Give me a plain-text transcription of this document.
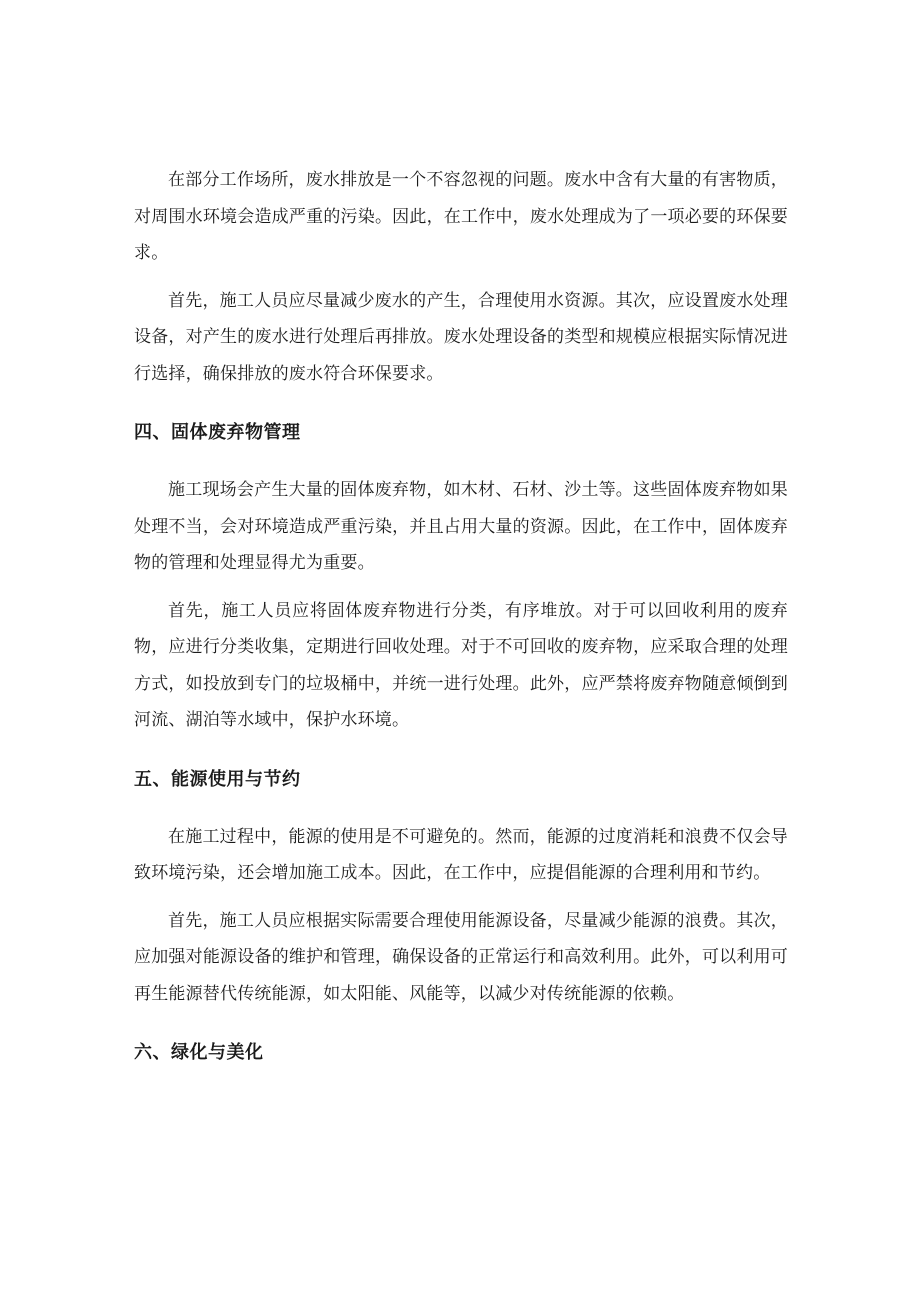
在部分工作场所，废水排放是一个不容忽视的问题。废水中含有大量的有害物质，对周围水环境会造成严重的污染。因此，在工作中，废水处理成为了一项必要的环保要求。

首先，施工人员应尽量减少废水的产生，合理使用水资源。其次，应设置废水处理设备，对产生的废水进行处理后再排放。废水处理设备的类型和规模应根据实际情况进行选择，确保排放的废水符合环保要求。

四、固体废弃物管理

施工现场会产生大量的固体废弃物，如木材、石材、沙土等。这些固体废弃物如果处理不当，会对环境造成严重污染，并且占用大量的资源。因此，在工作中，固体废弃物的管理和处理显得尤为重要。

首先，施工人员应将固体废弃物进行分类，有序堆放。对于可以回收利用的废弃物，应进行分类收集，定期进行回收处理。对于不可回收的废弃物，应采取合理的处理方式，如投放到专门的垃圾桶中，并统一进行处理。此外，应严禁将废弃物随意倾倒到河流、湖泊等水域中，保护水环境。

五、能源使用与节约

在施工过程中，能源的使用是不可避免的。然而，能源的过度消耗和浪费不仅会导致环境污染，还会增加施工成本。因此，在工作中，应提倡能源的合理利用和节约。

首先，施工人员应根据实际需要合理使用能源设备，尽量减少能源的浪费。其次，应加强对能源设备的维护和管理，确保设备的正常运行和高效利用。此外，可以利用可再生能源替代传统能源，如太阳能、风能等，以减少对传统能源的依赖。

六、绿化与美化
